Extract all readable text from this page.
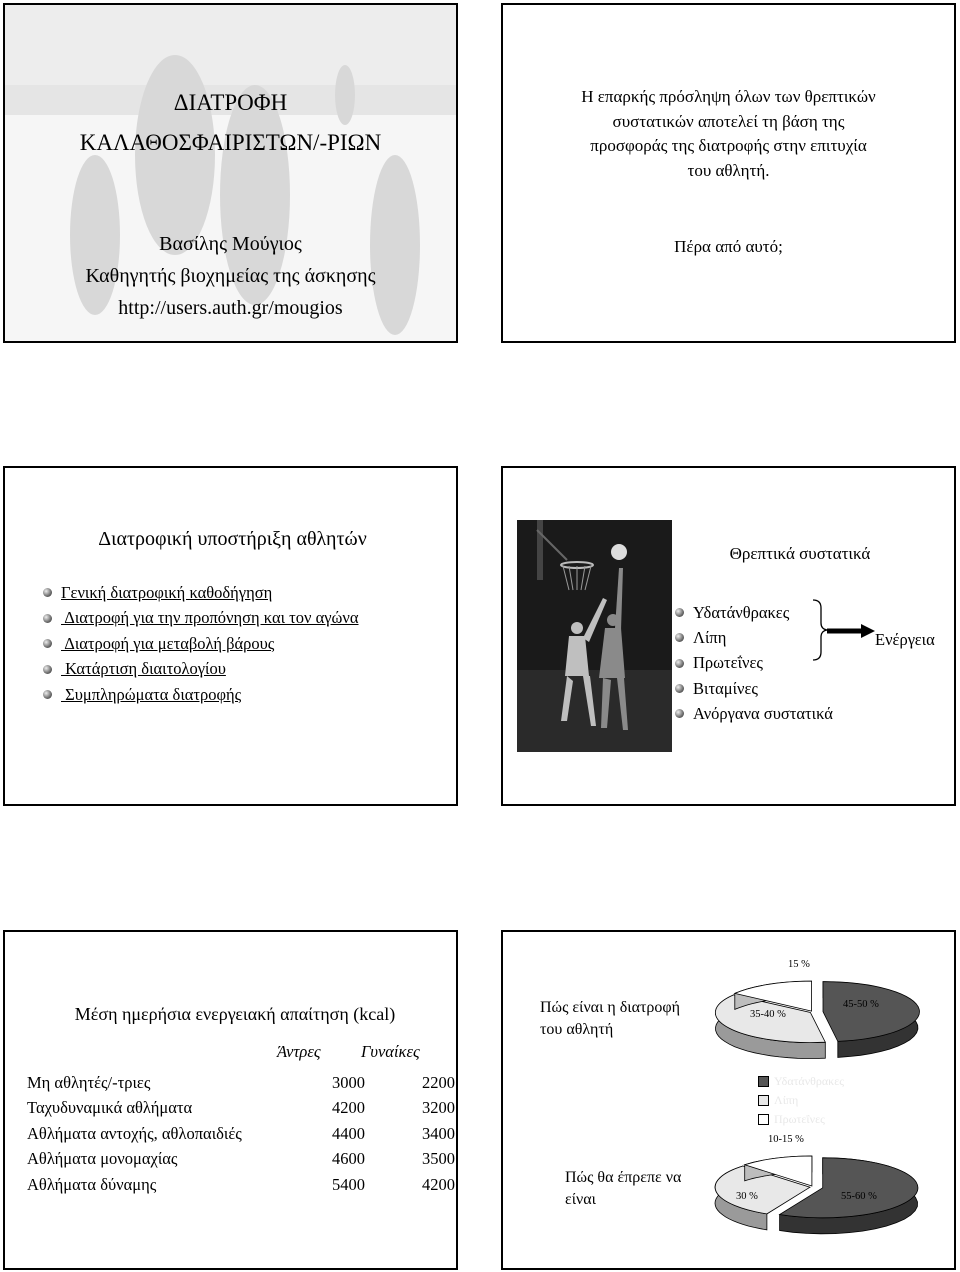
ΔΙΑΤΡΟΦΗ
ΚΑΛΑΘΟΣΦΑΙΡΙΣΤΩΝ/-ΡΙΩΝ
Βασίλης Μούγιος
Καθηγητής βιοχημείας της άσκησης
http://users.auth.gr/mougios
Η επαρκής πρόσληψη όλων των θρεπτικών
συστατικών αποτελεί τη βάση της
προσφοράς της διατροφής στην επιτυχία
του αθλητή.
Πέρα από αυτό;
Διατροφική υποστήριξη αθλητών
Γενική διατροφική καθοδήγηση
Διατροφή για την προπόνηση και τον αγώνα
Διατροφή για μεταβολή βάρους
Κατάρτιση διαιτολογίου
Συμπληρώματα διατροφής
Θρεπτικά συστατικά
Υδατάνθρακες
Λίπη
Πρωτεΐνες
Βιταμίνες
Ανόργανα συστατικά
Ενέργεια
Μέση ημερήσια ενεργειακή απαίτηση (kcal)
Άντρες Γυναίκες
Μη αθλητές/-τριες	3000	2200
Ταχυδυναμικά αθλήματα	4200	3200
Αθλήματα αντοχής, αθλοπαιδιές	4400	3400
Αθλήματα μονομαχίας	4600	3500
Αθλήματα δύναμης	5400	4200
Πώς είναι η διατροφή
του αθλητή
Πώς θα έπρεπε να
είναι
45-50 %
35-40 %
15 %
Υδατάνθρακες
Λίπη
Πρωτεΐνες
55-60 %
30 %
10-15 %
